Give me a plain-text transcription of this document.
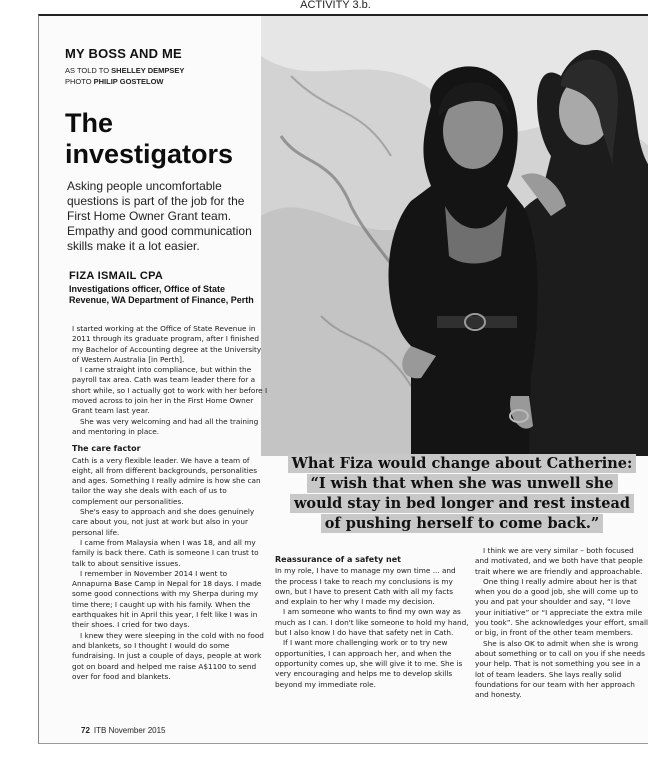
ACTIVITY 3.b.
MY BOSS AND ME
AS TOLD TO SHELLEY DEMPSEY
PHOTO PHILIP GOSTELOW
The
investigators
Asking people uncomfortable questions is part of the job for the First Home Owner Grant team. Empathy and good communication skills make it a lot easier.
FIZA ISMAIL CPA
Investigations officer, Office of State Revenue, WA Department of Finance, Perth

I started working at the Office of State Revenue in 2011 through its graduate program, after I finished my Bachelor of Accounting degree at the University of Western Australia [in Perth].

I came straight into compliance, but within the payroll tax area. Cath was team leader there for a short while, so I actually got to work with her before I moved across to join her in the First Home Owner Grant team last year.

She was very welcoming and had all the training and mentoring in place.

The care factor

Cath is a very flexible leader. We have a team of eight, all from different backgrounds, personalities and ages. Something I really admire is how she can tailor the way she deals with each of us to complement our personalities.

She's easy to approach and she does genuinely care about you, not just at work but also in your personal life.

I came from Malaysia when I was 18, and all my family is back there. Cath is someone I can trust to talk to about sensitive issues.

I remember in November 2014 I went to Annapurna Base Camp in Nepal for 18 days. I made some good connections with my Sherpa during my time there; I caught up with his family. When the earthquakes hit in April this year, I felt like I was in their shoes. I cried for two days.

I knew they were sleeping in the cold with no food and blankets, so I thought I would do some fundraising. In just a couple of days, people at work got on board and helped me raise A$1100 to send over for food and blankets.

What Fiza would change about Catherine:
“I wish that when she was unwell she would stay in bed longer and rest instead of pushing herself to come back.”
Reassurance of a safety net

In my role, I have to manage my own time ... and the process I take to reach my conclusions is my own, but I have to present Cath with all my facts and explain to her why I made my decision.

I am someone who wants to find my own way as much as I can. I don't like someone to hold my hand, but I also know I do have that safety net in Cath.

If I want more challenging work or to try new opportunities, I can approach her, and when the opportunity comes up, she will give it to me. She is very encouraging and helps me to develop skills beyond my immediate role.

I think we are very similar – both focused and motivated, and we both have that people trait where we are friendly and approachable.

One thing I really admire about her is that when you do a good job, she will come up to you and pat your shoulder and say, “I love your initiative” or “I appreciate the extra mile you took”. She acknowledges your effort, small or big, in front of the other team members.

She is also OK to admit when she is wrong about something or to call on you if she needs your help. That is not something you see in a lot of team leaders. She lays really solid foundations for our team with her approach and honesty.

72 ITB November 2015
